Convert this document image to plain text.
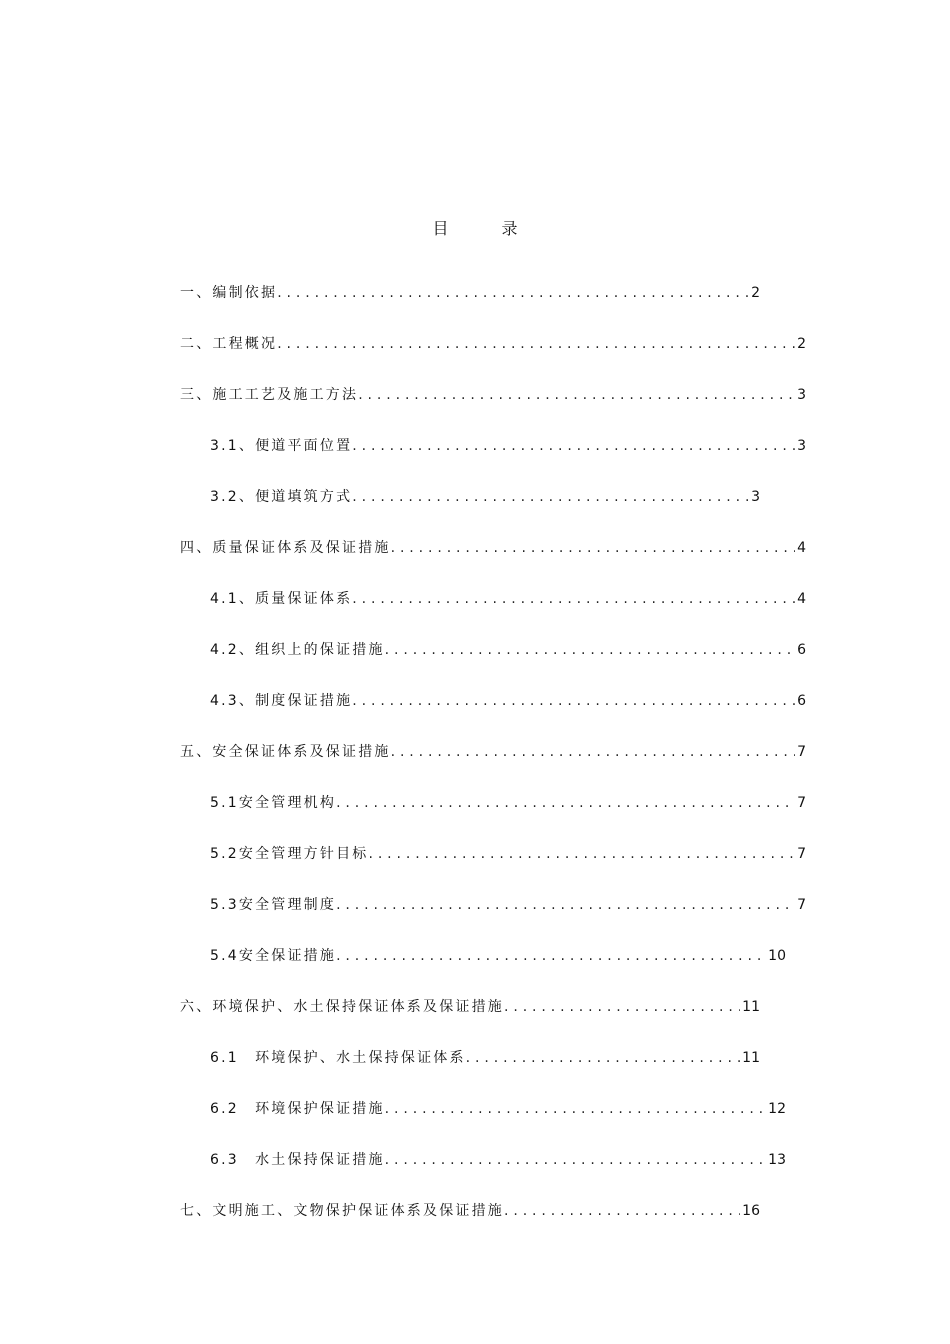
目 录
一、编制依据 .....	2
二、工程概况 .....	2
三、施工工艺及施工方法 .....	3
3.1、便道平面位置 .....	3
3.2、便道填筑方式 .....	3
四、质量保证体系及保证措施 .....	4
4.1、质量保证体系 .....	4
4.2、组织上的保证措施 .....	6
4.3、制度保证措施 .....	6
五、安全保证体系及保证措施 .....	7
5.1安全管理机构 .....	7
5.2安全管理方针目标 .....	7
5.3安全管理制度 .....	7
5.4安全保证措施 .....	10
六、环境保护、水土保持保证体系及保证措施 .....	11
6.1　环境保护、水土保持保证体系 .....	11
6.2　环境保护保证措施 .....	12
6.3　水土保持保证措施 .....	13
七、文明施工、文物保护保证体系及保证措施 .....	16
